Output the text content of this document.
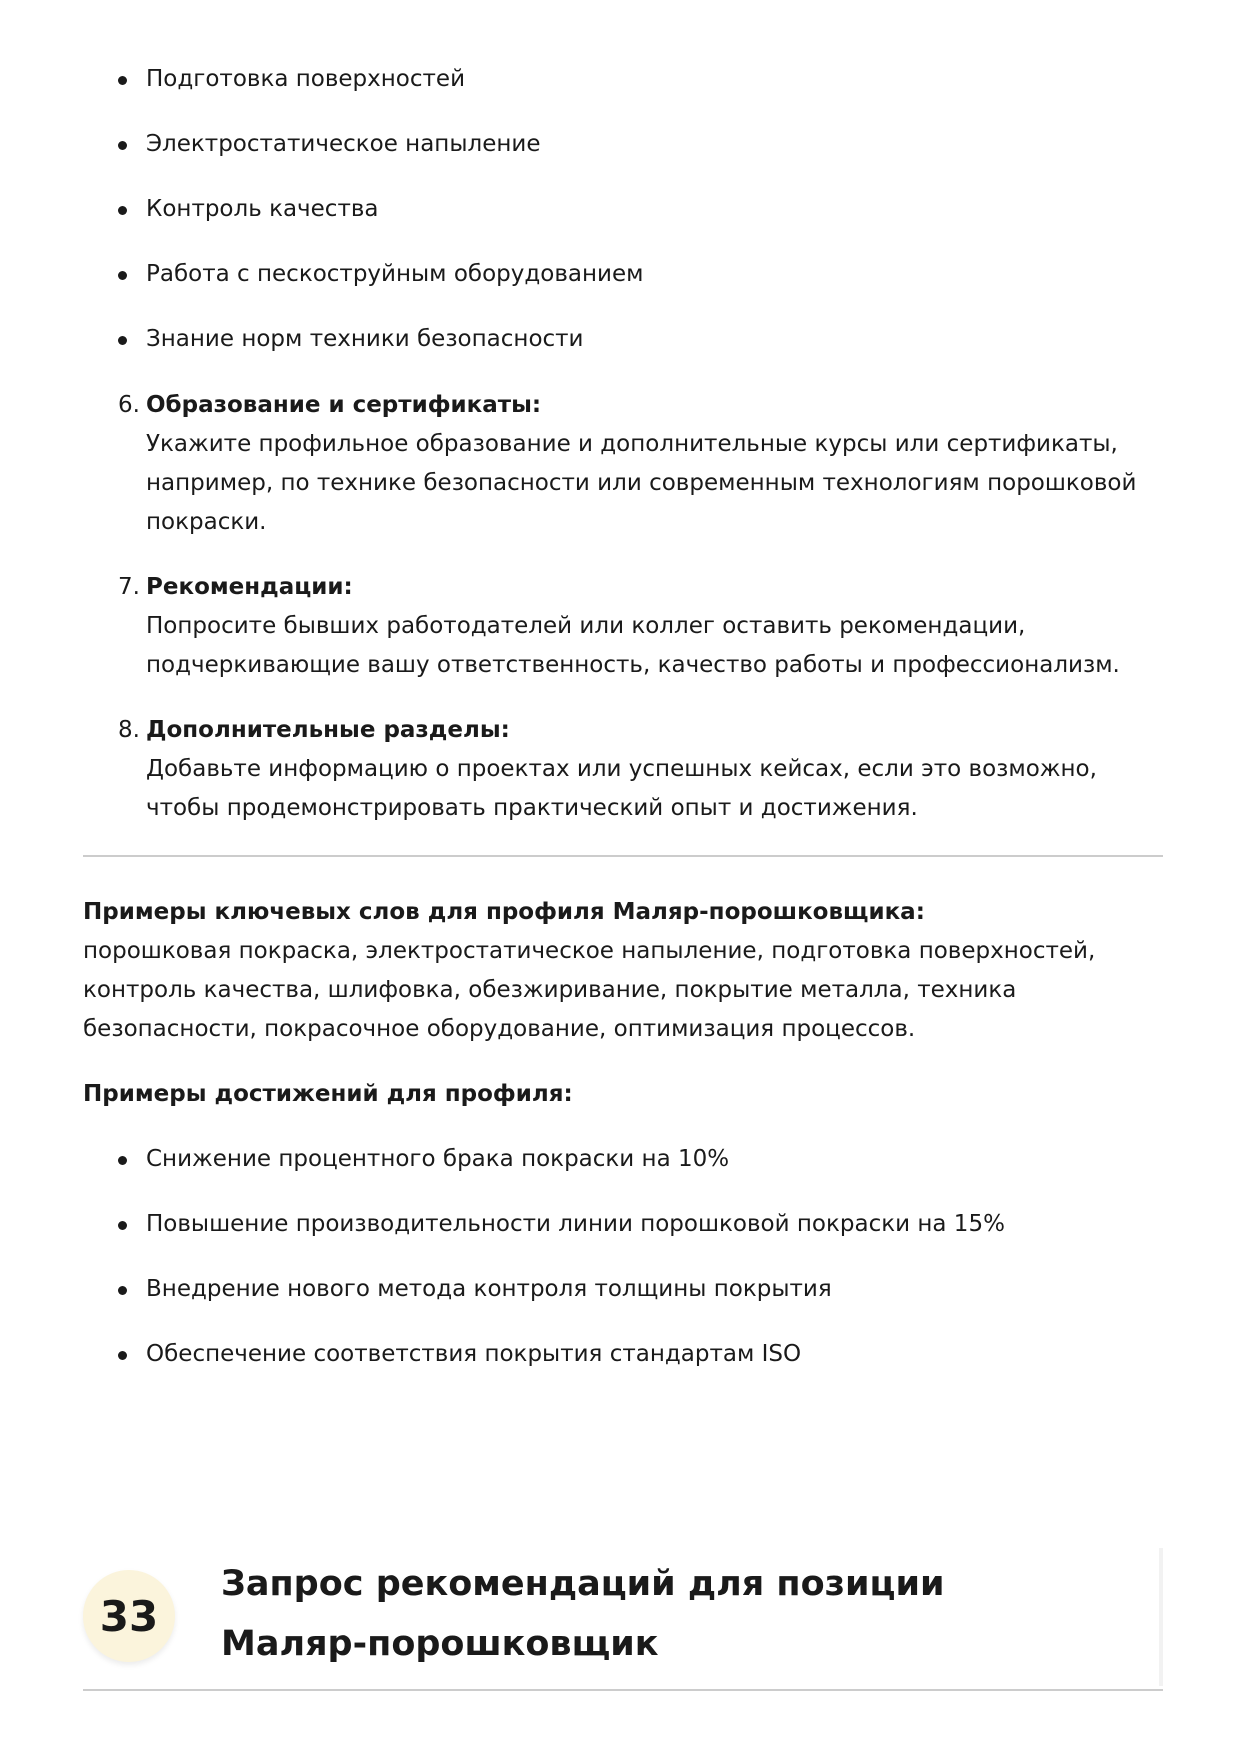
Подготовка поверхностей
Электростатическое напыление
Контроль качества
Работа с пескоструйным оборудованием
Знание норм техники безопасности
6. Образование и сертификаты:
Укажите профильное образование и дополнительные курсы или сертификаты, например, по технике безопасности или современным технологиям порошковой покраски.
7. Рекомендации:
Попросите бывших работодателей или коллег оставить рекомендации, подчеркивающие вашу ответственность, качество работы и профессионализм.
8. Дополнительные разделы:
Добавьте информацию о проектах или успешных кейсах, если это возможно, чтобы продемонстрировать практический опыт и достижения.
Примеры ключевых слов для профиля Маляр-порошковщика:
порошковая покраска, электростатическое напыление, подготовка поверхностей, контроль качества, шлифовка, обезжиривание, покрытие металла, техника безопасности, покрасочное оборудование, оптимизация процессов.
Примеры достижений для профиля:
Снижение процентного брака покраски на 10%
Повышение производительности линии порошковой покраски на 15%
Внедрение нового метода контроля толщины покрытия
Обеспечение соответствия покрытия стандартам ISO
33
Запрос рекомендаций для позиции Маляр-порошковщик
